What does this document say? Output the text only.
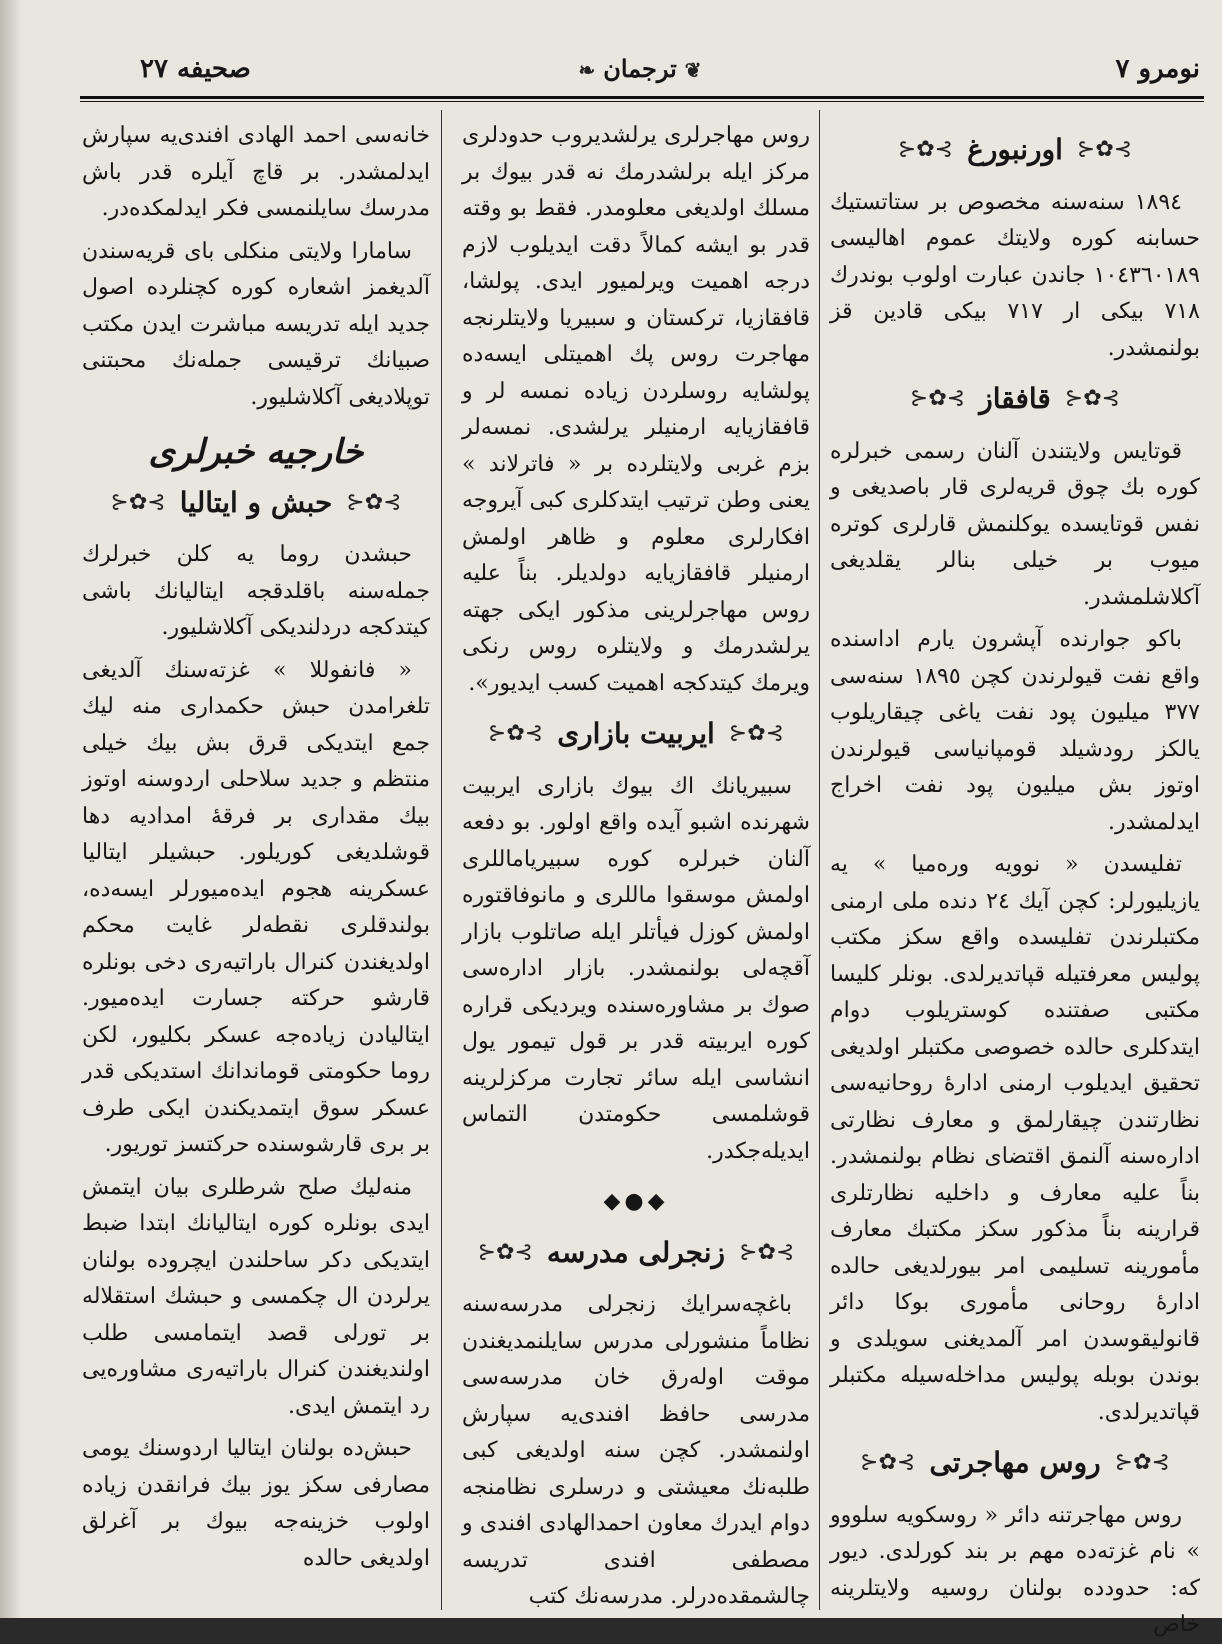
نومرو ٧
❦ترجمان❧
صحيفه ٢٧
⊱✿⊰
اورنبورغ
⊱✿⊰

١٨٩٤ سنه‌سنه مخصوص بر ستاتستيك حسابنه كوره ولايتك عموم اهاليسى ١٠٤٣٦٠١٨٩ جاندن عبارت اولوب بوندرك ٧١٨ بيكى ار ٧١٧ بيكى قادين قز بولنمشدر.

⊱✿⊰
قافقاز
⊱✿⊰

قوتايس ولايتندن آلنان رسمى خبرلره كوره بك چوق قريه‌لرى قار باصديغى و نفس قوتايسده يوكلنمش قارلرى كوتره ميوب بر خيلى بنالر يقلديغى آكلاشلمشدر.

باكو جوارنده آپشرون يارم اداسنده واقع نفت قيولرندن كچن ١٨٩٥ سنه‌سى ٣٧٧ ميليون پود نفت ياغى چيقاريلوب يالكز رودشيلد قومپانياسى قيولرندن اوتوز بش ميليون پود نفت اخراج ايدلمشدر.

تفليسدن « نوويه وره‌ميا » يه يازيليورلر: كچن آيك ٢٤ دنده ملى ارمنى مكتبلرندن تفليسده واقع سكز مكتب پوليس معرفتيله قپاتديرلدى. بونلر كليسا مكتبى صفتنده كوستريلوب دوام ايتدكلرى حالده خصوصى مكتبلر اولديغى تحقيق ايديلوب ارمنى ادارهٔ روحانيه‌سى نظارتندن چيقارلمق و معارف نظارتى اداره‌سنه آلنمق اقتضاى نظام بولنمشدر. بناً عليه معارف و داخليه نظارتلرى قرارينه بناً مذكور سكز مكتبك معارف مأمورينه تسليمى امر بيورلديغى حالده ادارهٔ روحانى مأمورى بوكا دائر قانوليقوسدن امر آلمديغنى سويلدى و بوندن بوبله پوليس مداخله‌سيله مكتبلر قپاتديرلدى.

⊱✿⊰
روس مهاجرتى
⊱✿⊰

روس مهاجرتنه دائر « روسكويه سلووو » نام غزته‌ده مهم بر بند كورلدى. ديور كه: حدودده بولنان روسيه ولايتلرينه خاص

روس مهاجرلرى يرلشديروب حدودلرى مركز ايله برلشدرمك نه قدر بيوك بر مسلك اولديغى معلومدر. فقط بو وقته قدر بو ايشه كمالاً دقت ايديلوب لازم درجه اهميت ويرلميور ايدى. پولشا، قافقازيا، تركستان و سبيريا ولايتلرنجه مهاجرت روس پك اهميتلى ايسه‌ده پولشايه روسلردن زياده نمسه لر و قافقازيايه ارمنيلر يرلشدى. نمسه‌لر بزم غربى ولايتلرده بر « فاترلاند » يعنى وطن ترتيب ايتدكلرى كبى آيروجه افكارلرى معلوم و ظاهر اولمش ارمنيلر قافقازيايه دولديلر. بناً عليه روس مهاجرلرينى مذكور ايكى جهته يرلشدرمك و ولايتلره روس رنكى ويرمك كيتدكجه اهميت كسب ايديور».

⊱✿⊰
ايربيت بازارى
⊱✿⊰

سبيريانك اك بيوك بازارى ايربيت شهرنده اشبو آيده واقع اولور. بو دفعه آلنان خبرلره كوره سبيرياماللرى اولمش موسقوا ماللرى و مانوفاقتوره اولمش كوزل فيأتلر ايله صاتلوب بازار آقچه‌لى بولنمشدر. بازار اداره‌سى صوك بر مشاوره‌سنده ويرديكى قراره كوره ايربيته قدر بر قول تيمور يول انشاسى ايله سائر تجارت مركزلرينه قوشلمسى حكومتدن التماس ايديله‌جكدر.

◆●◆
⊱✿⊰
زنجرلى مدرسه
⊱✿⊰

باغچه‌سرايك زنجرلى مدرسه‌سنه نظاماً منشورلى مدرس سايلنمديغندن موقت اوله‌رق خان مدرسه‌سى مدرسى حافظ افندى‌يه سپارش اولنمشدر. كچن سنه اولديغى كبى طلبه‌نك معيشتى و درسلرى نظامنجه دوام ايدرك معاون احمدالهادى افندى و مصطفى افندى تدريسه چالشمقده‌درلر. مدرسه‌نك كتب

خانه‌سى احمد الهادى افندى‌يه سپارش ايدلمشدر. بر قاچ آيلره قدر باش مدرسك سايلنمسى فكر ايدلمكده‌در.

سامارا ولايتى منكلى باى قريه‌سندن آلديغمز اشعاره كوره كچنلرده اصول جديد ايله تدريسه مباشرت ايدن مكتب صبيانك ترقيسى جمله‌نك محبتنى توپلاديغى آكلاشليور.

خارجيه خبرلرى
⊱✿⊰
حبش و ايتاليا
⊱✿⊰

حبشدن روما يه كلن خبرلرك جمله‌سنه باقلدقجه ايتاليانك باشى كيتدكجه دردلنديكى آكلاشليور.

« فانفوللا » غزته‌سنك آلديغى تلغرامدن حبش حكمدارى منه ليك جمع ايتديكى قرق بش بيك خيلى منتظم و جديد سلاحلى اردوسنه اوتوز بيك مقدارى بر فرقهٔ امداديه دها قوشلديغى كوريلور. حبشيلر ايتاليا عسكرينه هجوم ايده‌ميورلر ايسه‌ده، بولندقلرى نقطه‌لر غايت محكم اولديغندن كنرال باراتيه‌رى دخى بونلره قارشو حركته جسارت ايده‌ميور. ايتاليادن زياده‌جه عسكر بكليور، لكن روما حكومتى قوماندانك استديكى قدر عسكر سوق ايتمديكندن ايكى طرف بر برى قارشوسنده حركتسز توريور.

منه‌ليك صلح شرطلرى بيان ايتمش ايدى بونلره كوره ايتاليانك ابتدا ضبط ايتديكى دكر ساحلندن ايچروده بولنان يرلردن ال چكمسى و حبشك استقلاله بر تورلى قصد ايتمامسى طلب اولنديغندن كنرال باراتيه‌رى مشاوره‌يى رد ايتمش ايدى.

حبش‌ده بولنان ايتاليا اردوسنك يومى مصارفى سكز يوز بيك فرانقدن زياده اولوب خزينه‌جه بيوك بر آغرلق اولديغى حالده
